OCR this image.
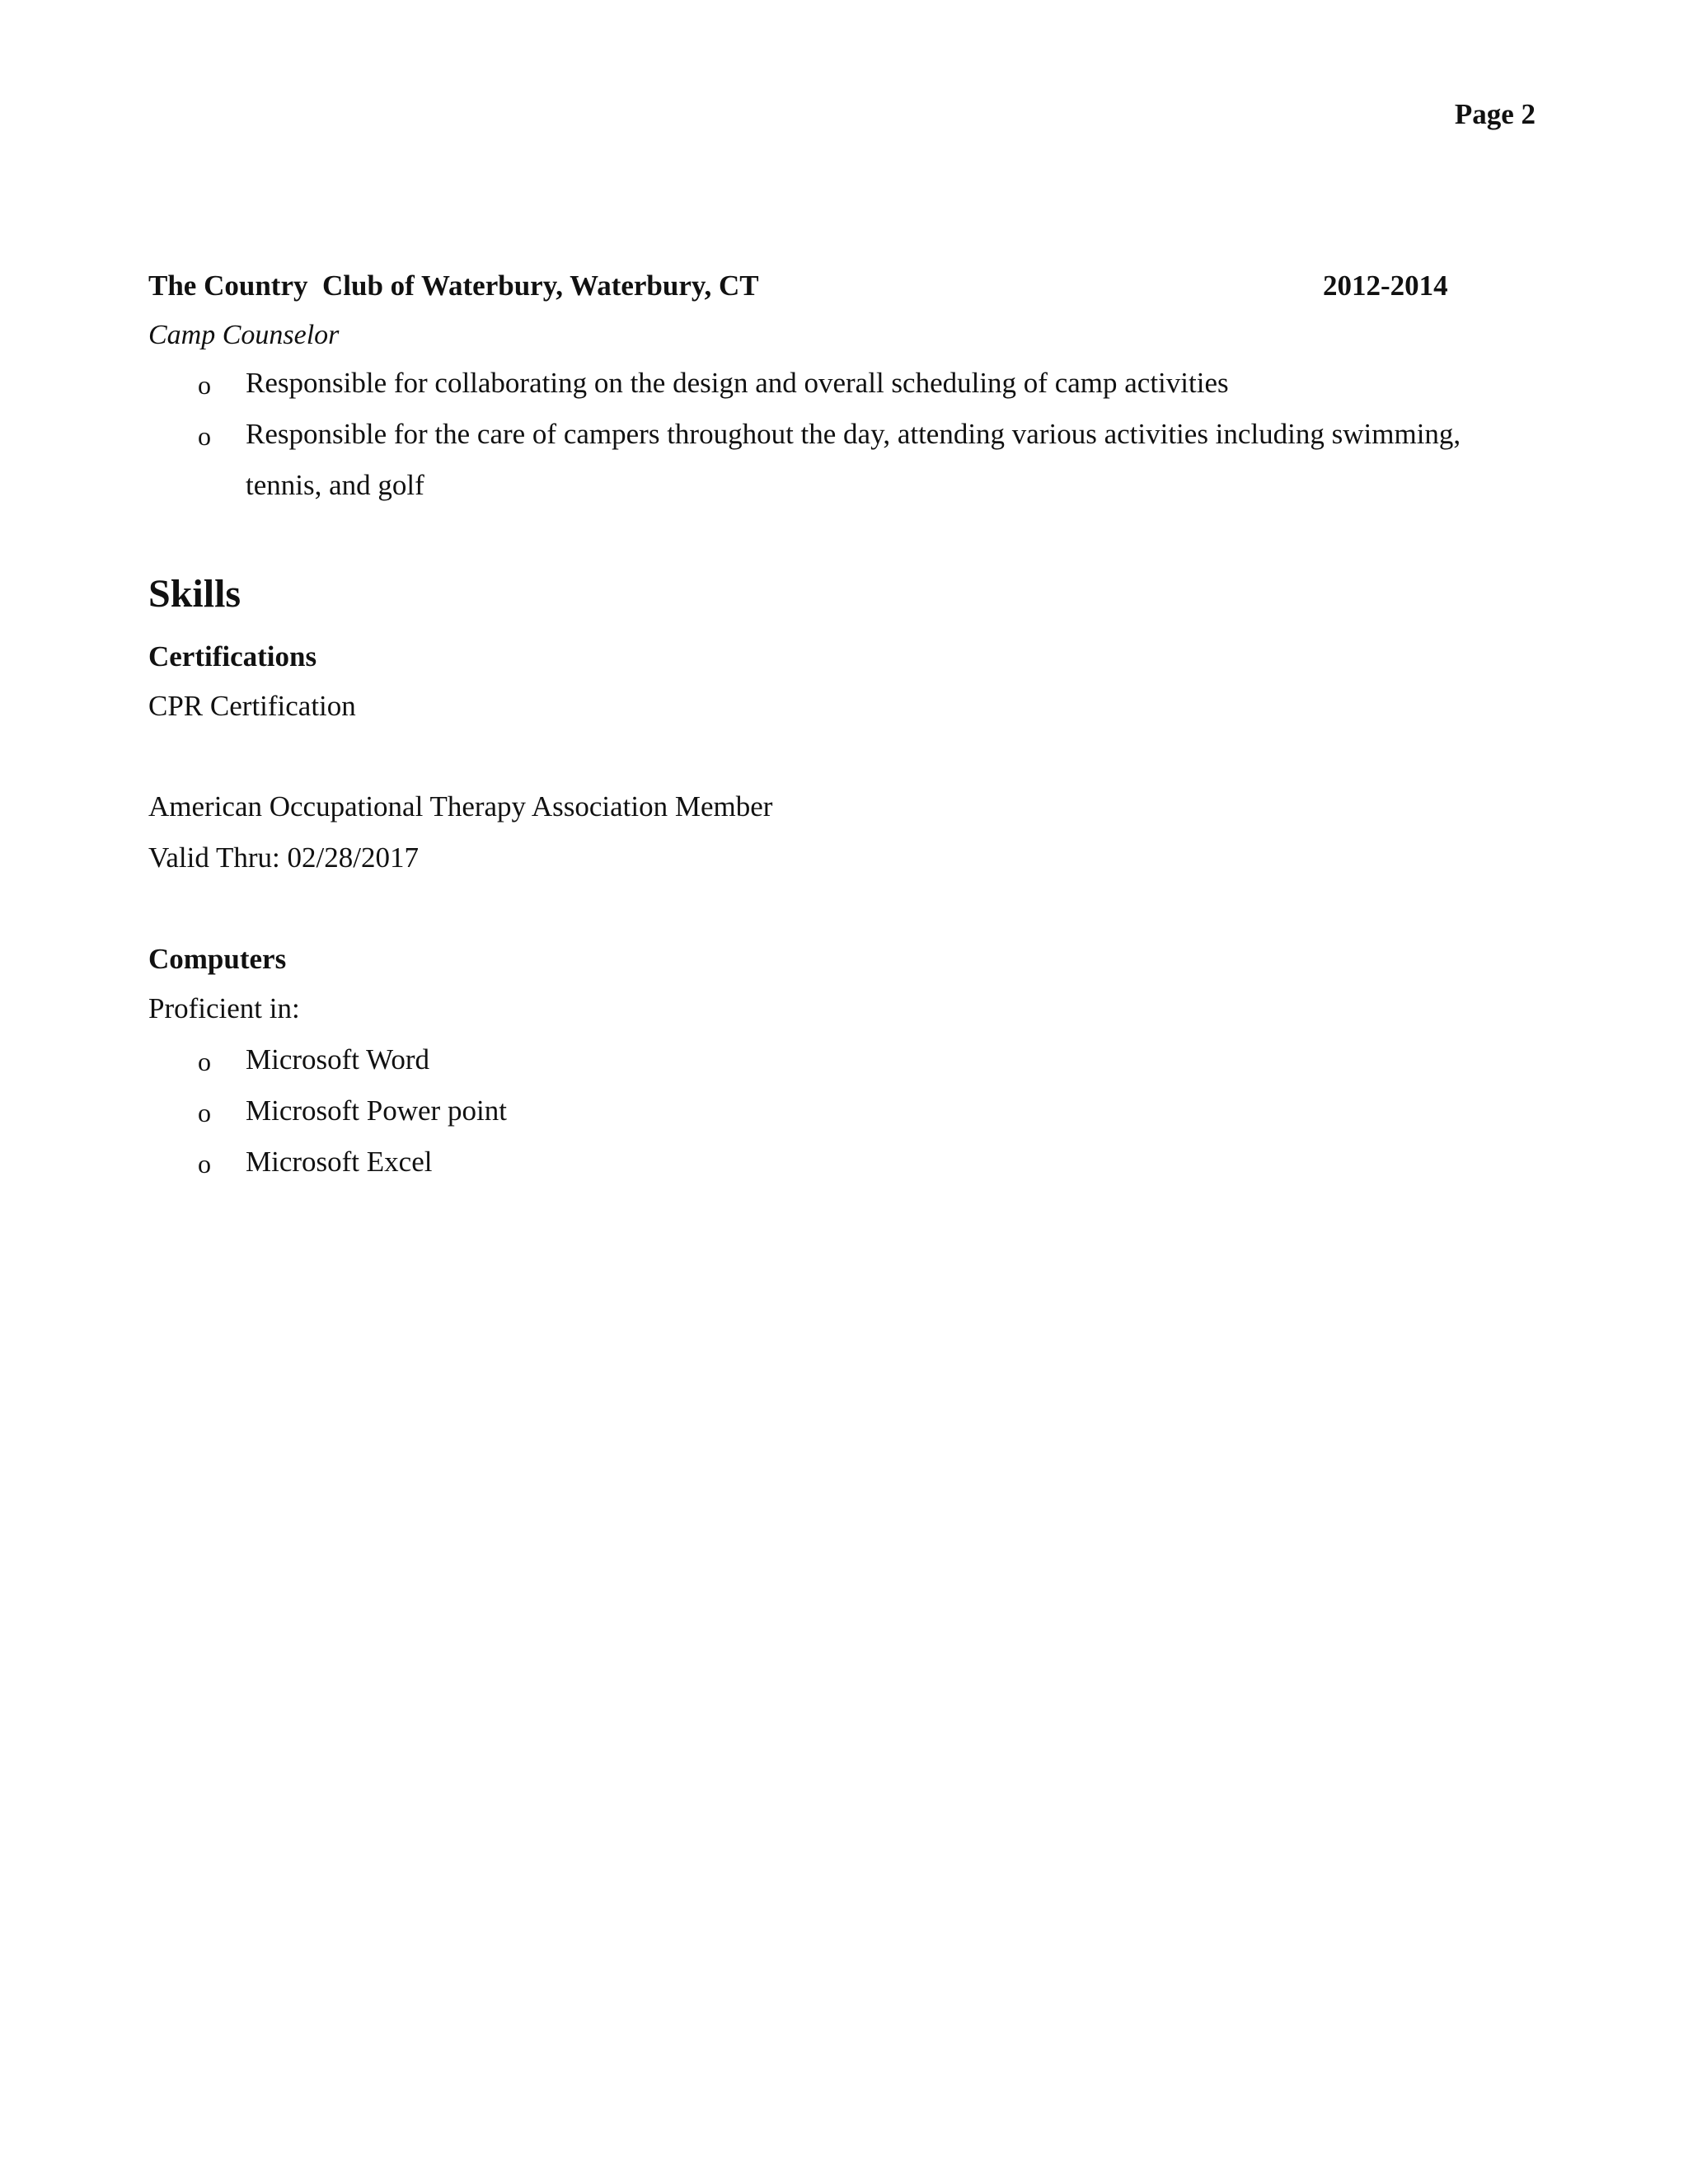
Page 2
The Country  Club of Waterbury, Waterbury, CT	2012-2014
Camp Counselor
o Responsible for collaborating on the design and overall scheduling of camp activities
o Responsible for the care of campers throughout the day, attending various activities including swimming,
tennis, and golf
Skills
Certifications
CPR Certification
American Occupational Therapy Association Member
Valid Thru: 02/28/2017
Computers
Proficient in:
o Microsoft Word
o Microsoft Power point
o Microsoft Excel
